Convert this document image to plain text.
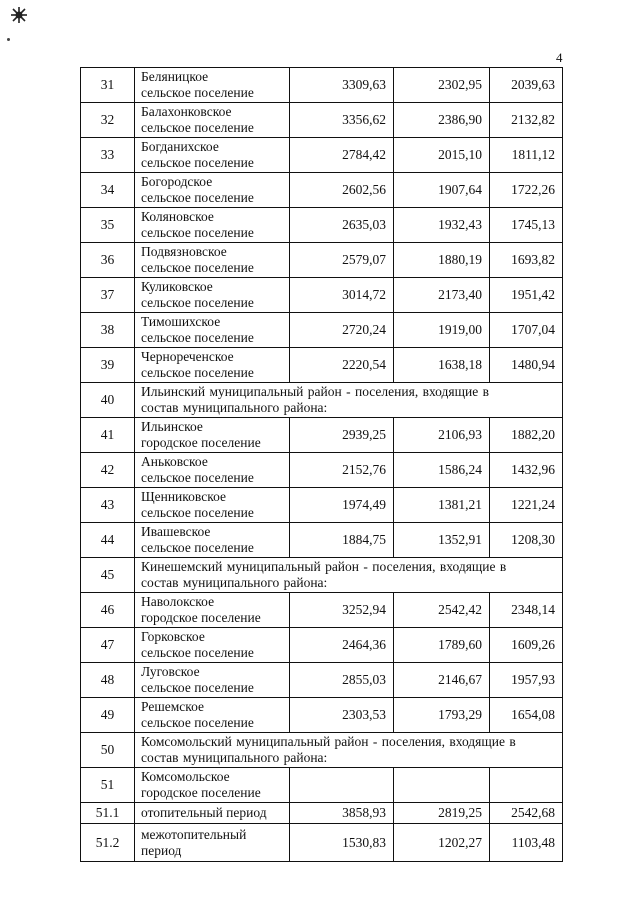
4
31	Беляницкое
сельское поселение	3309,63	2302,95	2039,63
32	Балахонковское
сельское поселение	3356,62	2386,90	2132,82
33	Богданихское
сельское поселение	2784,42	2015,10	1811,12
34	Богородское
сельское поселение	2602,56	1907,64	1722,26
35	Коляновское
сельское поселение	2635,03	1932,43	1745,13
36	Подвязновское
сельское поселение	2579,07	1880,19	1693,82
37	Куликовское
сельское поселение	3014,72	2173,40	1951,42
38	Тимошихское
сельское поселение	2720,24	1919,00	1707,04
39	Чернореченское
сельское поселение	2220,54	1638,18	1480,94
40	Ильинский муниципальный район - поселения, входящие в
состав муниципального района:			

41	Ильинское
городское поселение	2939,25	2106,93	1882,20
42	Аньковское
сельское поселение	2152,76	1586,24	1432,96
43	Щенниковское
сельское поселение	1974,49	1381,21	1221,24
44	Ивашевское
сельское поселение	1884,75	1352,91	1208,30
45	Кинешемский муниципальный район - поселения, входящие в
состав муниципального района:			

46	Наволокское
городское поселение	3252,94	2542,42	2348,14
47	Горковское
сельское поселение	2464,36	1789,60	1609,26
48	Луговское
сельское поселение	2855,03	2146,67	1957,93
49	Решемское
сельское поселение	2303,53	1793,29	1654,08
50	Комсомольский муниципальный район - поселения, входящие в
состав муниципального района:			

51	Комсомольское
городское поселение			

51.1	отопительный период	3858,93	2819,25	2542,68
51.2	межотопительный
период	1530,83	1202,27	1103,48
